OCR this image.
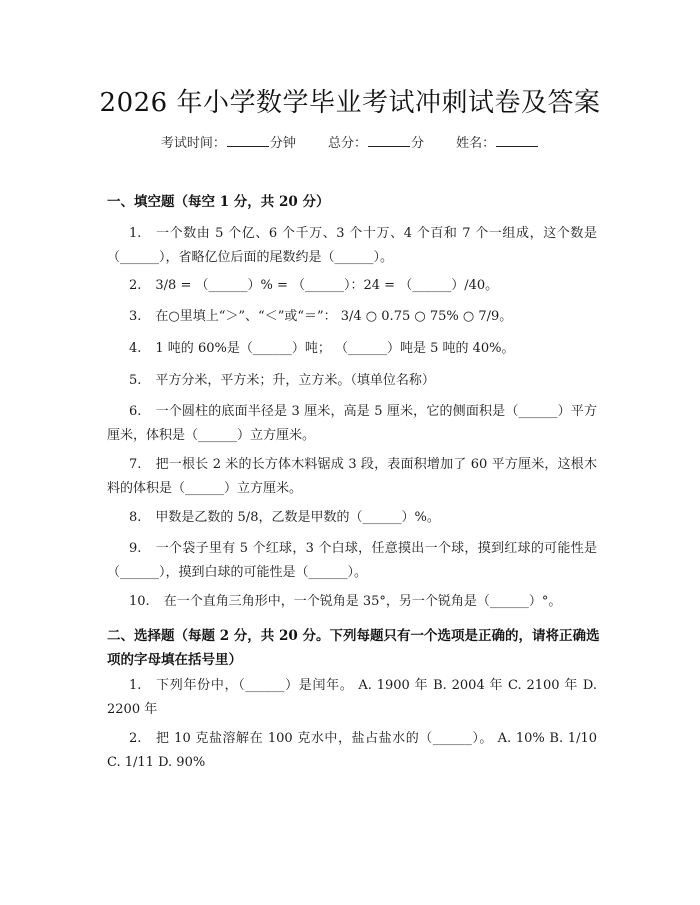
2026 年小学数学毕业考试冲刺试卷及答案
考试时间：	分钟 总分：	分 姓名：
一、填空题（每空 1 分，共 20 分）
1. 一个数由 5 个亿、6 个千万、3 个十万、4 个百和 7 个一组成，这个数是（______），省略亿位后面的尾数约是（______）。
2. 3/8 = （______）% = （______）：24 = （______）/40。
3. 在○里填上“＞”、“＜”或“＝”： 3/4 ○ 0.75 ○ 75% ○ 7/9。
4. 1 吨的 60%是（______）吨； （______）吨是 5 吨的 40%。
5. 平方分米，平方米；升，立方米。（填单位名称）
6. 一个圆柱的底面半径是 3 厘米，高是 5 厘米，它的侧面积是（______）平方厘米，体积是（______）立方厘米。
7. 把一根长 2 米的长方体木料锯成 3 段，表面积增加了 60 平方厘米，这根木料的体积是（______）立方厘米。
8. 甲数是乙数的 5/8，乙数是甲数的（______）%。
9. 一个袋子里有 5 个红球，3 个白球，任意摸出一个球，摸到红球的可能性是（______），摸到白球的可能性是（______）。
10. 在一个直角三角形中，一个锐角是 35°，另一个锐角是（______）°。
二、选择题（每题 2 分，共 20 分。下列每题只有一个选项是正确的，请将正确选项的字母填在括号里）
1. 下列年份中，（______）是闰年。 A. 1900 年 B. 2004 年 C. 2100 年 D. 2200 年
2. 把 10 克盐溶解在 100 克水中，盐占盐水的（______）。 A. 10% B. 1/10 C. 1/11 D. 90%
